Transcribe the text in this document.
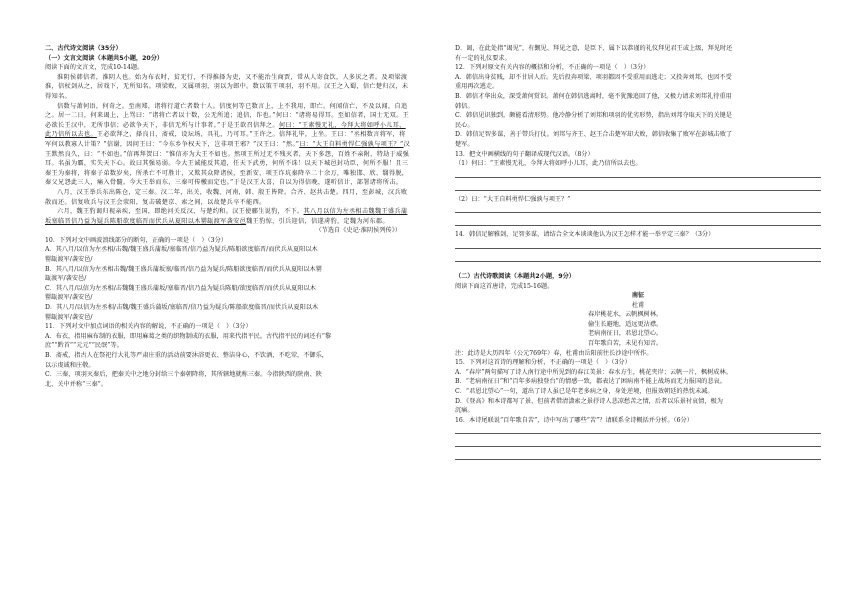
二、古代诗文阅读（35分）

（一）文言文阅读（本题共5小题，20分）

阅读下面的文言文，完成10-14题。

淮阴侯韩信者，淮阴人也。始为布衣时，贫无行，不得推择为吏，又不能治生商贾，常从人寄食饮，人多厌之者。及项梁渡淮，信杖剑从之，居戏下，无所知名。项梁败，又属项羽，羽以为郎中。数以策干项羽，羽不用。汉王之入蜀，信亡楚归汉，未得知名。

信数与萧何语，何奇之。至南郑，诸将行道亡者数十人。信度何等已数言上，上不我用，即亡。何闻信亡，不及以闻，自追之。居一二日，何来谒上，上骂曰：“诸将亡者以十数，公无所追；追信，诈也。”何曰：“诸将易得耳。至如信者，国士无双。王必欲长王汉中，无所事信；必欲争天下，非信无所与计事者。”于是王欲召信拜之。何曰：“王素慢无礼，今拜大将如呼小儿耳，此乃信所以去也。王必欲拜之，择良日，斋戒，设坛场，具礼，乃可耳。”王许之。信拜礼毕，上坐。王曰：“丞相数言将军，将军何以教寡人计策？”信谢，因问王曰：“今东乡争权天下，岂非项王邪？”汉王曰：“然。”曰：“大王自料勇悍仁强孰与项王？”汉王默然良久，曰：“不如也。”信再拜贺曰：“惟信亦为大王不如也。然项王所过无不残灭者，天下多怨，百姓不亲附，特劫于威强耳。名虽为霸，实失天下心。故曰其强易弱。今大王诚能反其道，任天下武勇，何所不诛！以天下城邑封功臣，何所不服！且三秦王为秦将，将秦子弟数岁矣，所杀亡不可胜计，又欺其众降诸侯，至新安，项王诈坑秦降卒二十余万，唯独邯、欣、翳得脱，秦父兄怨此三人，痛入骨髓。今大王举而东，三秦可传檄而定也。”于是汉王大喜，自以为得信晚，遂听信计，部署诸将所击。

八月，汉王举兵东出陈仓，定三秦。汉二年，出关，收魏、河南，韩、殷王皆降。合齐、赵共击楚。四月，至彭城，汉兵败散而还。信复收兵与汉王会荥阳，复击破楚京、索之间，以故楚兵卒不能西。

六月，魏王豹谒归视亲疾，至国，即绝河关反汉，与楚约和。汉王使郦生说豹，不下。其八月以信为左丞相击魏魏王盛兵蒲坂塞临晋信乃益为疑兵陈船欲度临晋而伏兵从夏阳以木罂缻渡军袭安邑魏王豹惊，引兵迎信，信遂虏豹，定魏为河东郡。

（节选自《史记·淮阴侯列传》）

10．下列对文中画波浪线部分的断句，正确的一项是（　）（3分）

A．其八月/以信为左丞相/击魏/魏王盛兵蒲坂/塞临晋/信乃益为疑兵/陈船欲度临晋/而伏兵从夏阳以木

罂缻渡军/袭安邑/

B．其八月/以信为左丞相击魏/魏王盛兵蒲坂塞/临晋/信乃益为疑兵/陈船欲度临晋/而伏兵从夏阳以木罂

缻渡军/袭安邑/

C．其八月/以信为左丞相/击魏魏王盛兵蒲坂/塞临晋/信乃益为疑兵陈船/欲度临晋/而伏兵从夏阳以木

罂缻渡军/袭安邑/

D．其八月/以信为左丞相/击魏/魏王盛兵蒲坂/塞临晋/信乃益为疑兵/陈船欲度临晋/而伏兵从夏阳以木

罂缻渡军/袭安邑/

11．下列对文中加点词语的相关内容的解说，不正确的一项是（　）（3分）

A．布衣，指用麻布制的衣服，即用麻葛之类的织物制成的衣服，用来代指平民。古代指平民的词还有“黎

庶”“黔首”“元元”“民氓”等。

B．斋戒，指古人在祭祀行大礼等严肃庄重的活动前要沐浴更衣、整洁身心，不饮酒，不吃荤，不御乐，

以示虔诚和庄敬。

C．三秦，项羽灭秦后，把秦关中之地分封给三个秦朝降将，其所辖地就称三秦。今指陕西的陕南、陕

北、关中并称“三秦”。

D．谒，在此处指“谒见”，有觐见、拜见之意，是臣下、属下以恭谨的礼仪拜见君王或上级，拜见时还

有一定的礼仪要求。

12．下列对原文有关内容的概括和分析，不正确的一项是（　）（3分）

A．韩信出身贫贱，却不甘居人后。先后投奔项梁、项羽都因不受重用而逃走；又投奔刘邦，也因不受

重用再次逃走。

B．韩信才华出众，深受萧何赏识。萧何在韩信逃离时，毫不犹豫追回了他，又极力请求刘邦礼待重用

韩信。

C．韩信见识独到，颇能看清形势。他冷静分析了刘邦和项羽的优劣形势，指出刘邦夺取天下的关键是

民心。

D．韩信足智多谋，善于带兵打仗。刘邦与齐王、赵王合击楚军却大败，韩信收集了败军在彭城击败了

楚军。

13．把文中画横线的句子翻译成现代汉语。（8分）

（1）何曰：“王素慢无礼，今拜大将如呼小儿耳，此乃信所以去也。

（2）曰：“大王自料勇悍仁强孰与项王？”

14．韩信足解雅剑，足智多谋，请结合全文本谈谈他认为汉王怎样才能一举平定三秦？（3分）

（二）古代诗歌阅读（本题共2小题，9分）

阅读下面这首唐诗，完成15-16题。

南征

杜甫

春岸桃花水，云帆枫树林。

偷生长避地，适远更沾襟。

老病南征日，君恩北望心。

百年歌自苦，未见有知音。

注：此诗是大历四年（公元769年）春，杜甫由岳阳前往长沙途中所作。

15．下列对这首诗的理解和分析，不正确的一项是（　）（3分）

A．“春岸”两句描写了诗人南行途中所见到的春江美景：春水方生，桃花夹岸；云帆一片，枫树成林。

B．“老病南征日”和“百年多病独登台”的情感一致，都表达了困病南不能上战场而无力报国的悲哀。

C．“君恩北望心”一句，道出了诗人虽已是年老多病之身，身处逆境，但报效朝廷的热忱未减。

D．《登高》和本诗都写了景，但前者借清潇索之景抒诗人悲凉愁苦之情，后者以乐景衬哀情，极为

沉痛。

16．本诗尾联说“百年歌自苦”，诗中写出了哪些“苦”？请联系全诗概括并分析。（6分）
